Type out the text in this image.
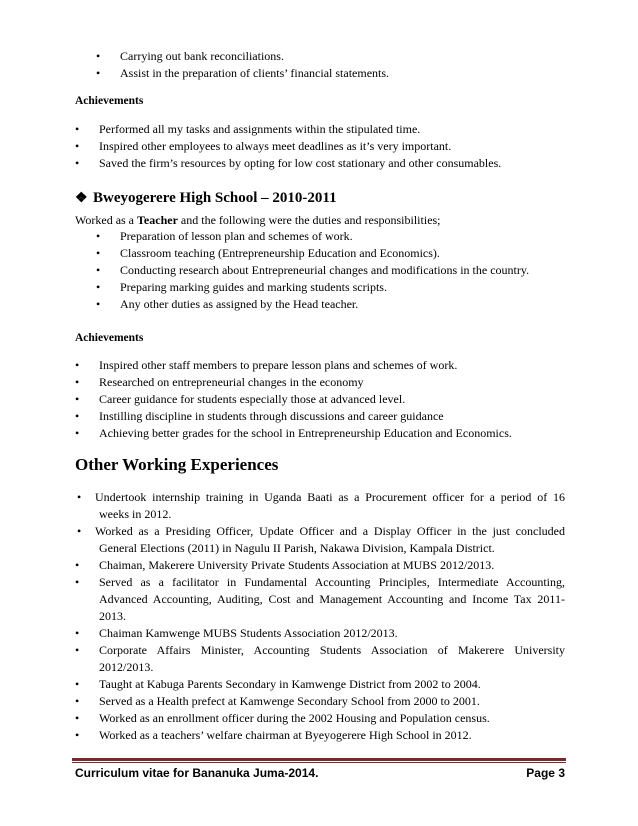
• Carrying out bank reconciliations.
• Assist in the preparation of clients’ financial statements.
Achievements
• Performed all my tasks and assignments within the stipulated time.
• Inspired other employees to always meet deadlines as it’s very important.
• Saved the firm’s resources by opting for low cost stationary and other consumables.
❖ Bweyogerere High School – 2010-2011
Worked as a Teacher and the following were the duties and responsibilities;
• Preparation of lesson plan and schemes of work.
• Classroom teaching (Entrepreneurship Education and Economics).
• Conducting research about Entrepreneurial changes and modifications in the country.
• Preparing marking guides and marking students scripts.
• Any other duties as assigned by the Head teacher.
Achievements
• Inspired other staff members to prepare lesson plans and schemes of work.
• Researched on entrepreneurial changes in the economy
• Career guidance for students especially those at advanced level.
• Instilling discipline in students through discussions and career guidance
• Achieving better grades for the school in Entrepreneurship Education and Economics.
Other Working Experiences
•	Undertook internship training in Uganda Baati as a Procurement officer for a period of 16
weeks in 2012.
•	Worked as a Presiding Officer, Update Officer and a Display Officer in the just concluded
General Elections (2011) in Nagulu II Parish, Nakawa Division, Kampala District.
•	Chaiman, Makerere University Private Students Association at MUBS 2012/2013.
•	Served as a facilitator in Fundamental Accounting Principles, Intermediate Accounting,
Advanced Accounting, Auditing, Cost and Management Accounting and Income Tax 2011-
2013.
•	Chaiman Kamwenge MUBS Students Association 2012/2013.
•	Corporate Affairs Minister, Accounting Students Association of Makerere University
2012/2013.
•	Taught at Kabuga Parents Secondary in Kamwenge District from 2002 to 2004.
•	Served as a Health prefect at Kamwenge Secondary School from 2000 to 2001.
•	Worked as an enrollment officer during the 2002 Housing and Population census.
•	Worked as a teachers’ welfare chairman at Byeyogerere High School in 2012.
Curriculum vitae for Bananuka Juma-2014.	Page 3
